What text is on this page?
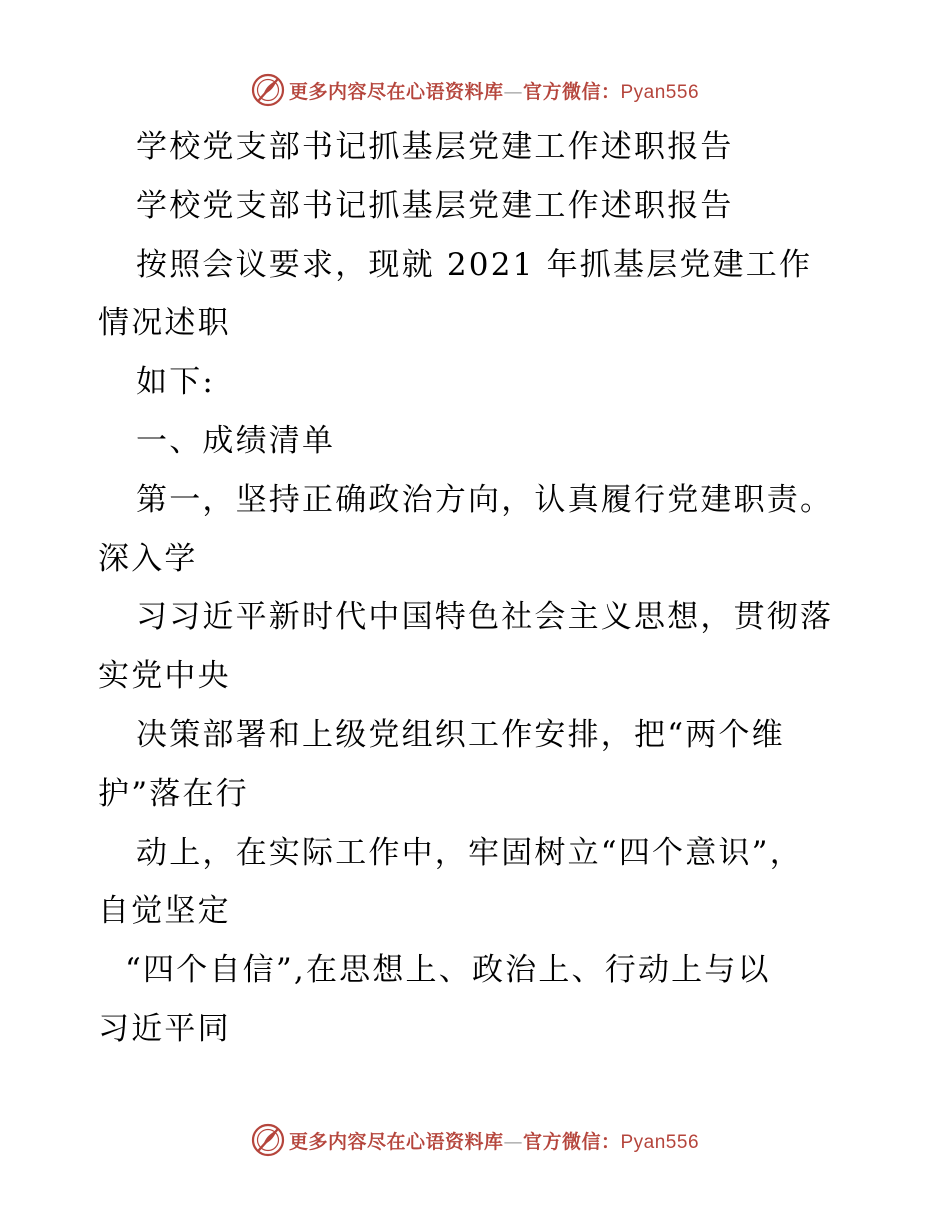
更多内容尽在心语资料库—官方微信：Pyan556
学校党支部书记抓基层党建工作述职报告
学校党支部书记抓基层党建工作述职报告
按照会议要求，现就 2021 年抓基层党建工作
情况述职
如下:
一、成绩清单
第一，坚持正确政治方向，认真履行党建职责。
深入学
习习近平新时代中国特色社会主义思想，贯彻落
实党中央
决策部署和上级党组织工作安排，把“两个维
护”落在行
动上，在实际工作中，牢固树立“四个意识”，
自觉坚定
“四个自信”,在思想上、政治上、行动上与以
习近平同
更多内容尽在心语资料库—官方微信：Pyan556
